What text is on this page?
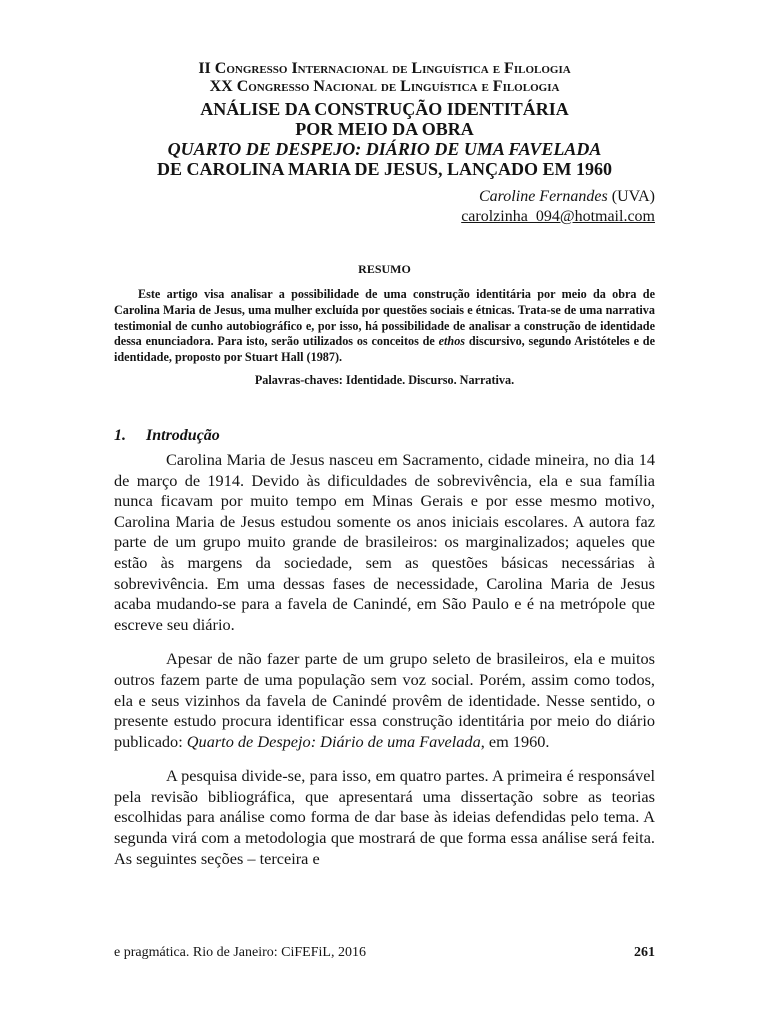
II Congresso Internacional de Linguística e Filologia
XX Congresso Nacional de Linguística e Filologia
ANÁLISE DA CONSTRUÇÃO IDENTITÁRIA
POR MEIO DA OBRA
QUARTO DE DESPEJO: DIÁRIO DE UMA FAVELADA
DE CAROLINA MARIA DE JESUS, LANÇADO EM 1960
Caroline Fernandes (UVA)
carolzinha_094@hotmail.com
RESUMO
Este artigo visa analisar a possibilidade de uma construção identitária por meio da obra de Carolina Maria de Jesus, uma mulher excluída por questões sociais e étnicas. Trata-se de uma narrativa testimonial de cunho autobiográfico e, por isso, há possibilidade de analisar a construção de identidade dessa enunciadora. Para isto, serão utilizados os conceitos de ethos discursivo, segundo Aristóteles e de identidade, proposto por Stuart Hall (1987).
Palavras-chaves: Identidade. Discurso. Narrativa.
1. Introdução
Carolina Maria de Jesus nasceu em Sacramento, cidade mineira, no dia 14 de março de 1914. Devido às dificuldades de sobrevivência, ela e sua família nunca ficavam por muito tempo em Minas Gerais e por esse mesmo motivo, Carolina Maria de Jesus estudou somente os anos iniciais escolares. A autora faz parte de um grupo muito grande de brasileiros: os marginalizados; aqueles que estão às margens da sociedade, sem as questões básicas necessárias à sobrevivência. Em uma dessas fases de necessidade, Carolina Maria de Jesus acaba mudando-se para a favela de Canindé, em São Paulo e é na metrópole que escreve seu diário.
Apesar de não fazer parte de um grupo seleto de brasileiros, ela e muitos outros fazem parte de uma população sem voz social. Porém, assim como todos, ela e seus vizinhos da favela de Canindé provêm de identidade. Nesse sentido, o presente estudo procura identificar essa construção identitária por meio do diário publicado: Quarto de Despejo: Diário de uma Favelada, em 1960.
A pesquisa divide-se, para isso, em quatro partes. A primeira é responsável pela revisão bibliográfica, que apresentará uma dissertação sobre as teorias escolhidas para análise como forma de dar base às ideias defendidas pelo tema. A segunda virá com a metodologia que mostrará de que forma essa análise será feita. As seguintes seções – terceira e
e pragmática. Rio de Janeiro: CiFEFiL, 2016	261
